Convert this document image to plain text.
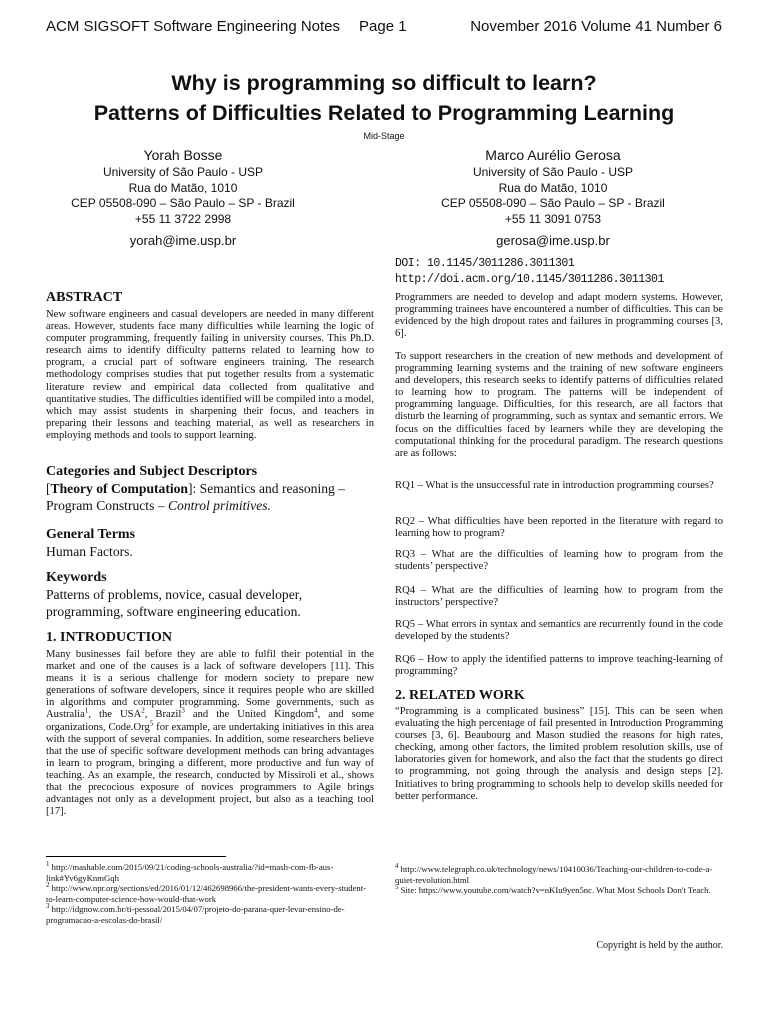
ACM SIGSOFT Software Engineering Notes Page 1	November 2016 Volume 41 Number 6
Why is programming so difficult to learn?
Patterns of Difficulties Related to Programming Learning
Mid-Stage
Yorah Bosse
University of São Paulo - USP
Rua do Matão, 1010
CEP 05508-090 – São Paulo – SP - Brazil
+55 11 3722 2998
yorah@ime.usp.br
Marco Aurélio Gerosa
University of São Paulo - USP
Rua do Matão, 1010
CEP 05508-090 – São Paulo – SP - Brazil
+55 11 3091 0753
gerosa@ime.usp.br
DOI: 10.1145/3011286.3011301
http://doi.acm.org/10.1145/3011286.3011301
ABSTRACT
New software engineers and casual developers are needed in many different areas. However, students face many difficulties while learning the logic of computer programming, frequently failing in university courses. This Ph.D. research aims to identify difficulty patterns related to learning how to program, a crucial part of software engineers training. The research methodology comprises studies that put together results from a systematic literature review and empirical data collected from qualitative and quantitative studies. The difficulties identified will be compiled into a model, which may assist students in sharpening their focus, and teachers in preparing their lessons and teaching material, as well as researchers in employing methods and tools to support learning.
Categories and Subject Descriptors
[Theory of Computation]: Semantics and reasoning – Program Constructs – Control primitives.
General Terms
Human Factors.
Keywords
Patterns of problems, novice, casual developer, programming, software engineering education.
1. INTRODUCTION
Many businesses fail before they are able to fulfil their potential in the market and one of the causes is a lack of software developers [11]. This means it is a serious challenge for modern society to prepare new generations of software developers, since it requires people who are skilled in algorithms and computer programming. Some governments, such as Australia$^1$, the USA$^2$, Brazil$^3$ and the United Kingdom$^4$, and some organizations, Code.Org$^5$ for example, are undertaking initiatives in this area with the support of several companies. In addition, some researchers believe that the use of specific software development methods can bring advantages in learn to program, bringing a different, more productive and fun way of teaching. As an example, the research, conducted by Missiroli et al., shows that the precocious exposure of novices programmers to Agile brings advantages not only as a development project, but also as a teaching tool [17].
Programmers are needed to develop and adapt modern systems. However, programming trainees have encountered a number of difficulties. This can be evidenced by the high dropout rates and failures in programming courses [3, 6].
To support researchers in the creation of new methods and development of programming learning systems and the training of new software engineers and developers, this research seeks to identify patterns of difficulties related to learning how to program. The patterns will be independent of programming language. Difficulties, for this research, are all factors that disturb the learning of programming, such as syntax and semantic errors. We focus on the difficulties faced by learners while they are developing the computational thinking for the procedural paradigm. The research questions are as follows:
RQ1 – What is the unsuccessful rate in introduction programming courses?
RQ2 – What difficulties have been reported in the literature with regard to learning how to program?
RQ3 – What are the difficulties of learning how to program from the students’ perspective?
RQ4 – What are the difficulties of learning how to program from the instructors’ perspective?
RQ5 – What errors in syntax and semantics are recurrently found in the code developed by the students?
RQ6 – How to apply the identified patterns to improve teaching-learning of programming?
2. RELATED WORK
“Programming is a complicated business” [15]. This can be seen when evaluating the high percentage of fail presented in Introduction Programming courses [3, 6]. Beaubourg and Mason studied the reasons for high rates, checking, among other factors, the limited problem resolution skills, use of laboratories given for homework, and also the fact that the students go direct to programming, not going through the analysis and design steps [2]. Initiatives to bring programming to schools help to develop skills needed for better performance.
$^1$ http://mashable.com/2015/09/21/coding-schools-australia/?id=mash-com-fb-aus-link#Yv6gyKnmGqh
$^2$ http://www.npr.org/sections/ed/2016/01/12/462698966/the-president-wants-every-student-to-learn-computer-science-how-would-that-work
$^3$ http://idgnow.com.br/ti-pessoal/2015/04/07/projeto-do-parana-quer-levar-ensino-de-programacao-a-escolas-do-brasil/
$^4$ http://www.telegraph.co.uk/technology/news/10410036/Teaching-our-children-to-code-a-quiet-revolution.html
$^5$ Site: https://www.youtube.com/watch?v=nKIu9yen5nc. What Most Schools Don't Teach.
Copyright is held by the author.
